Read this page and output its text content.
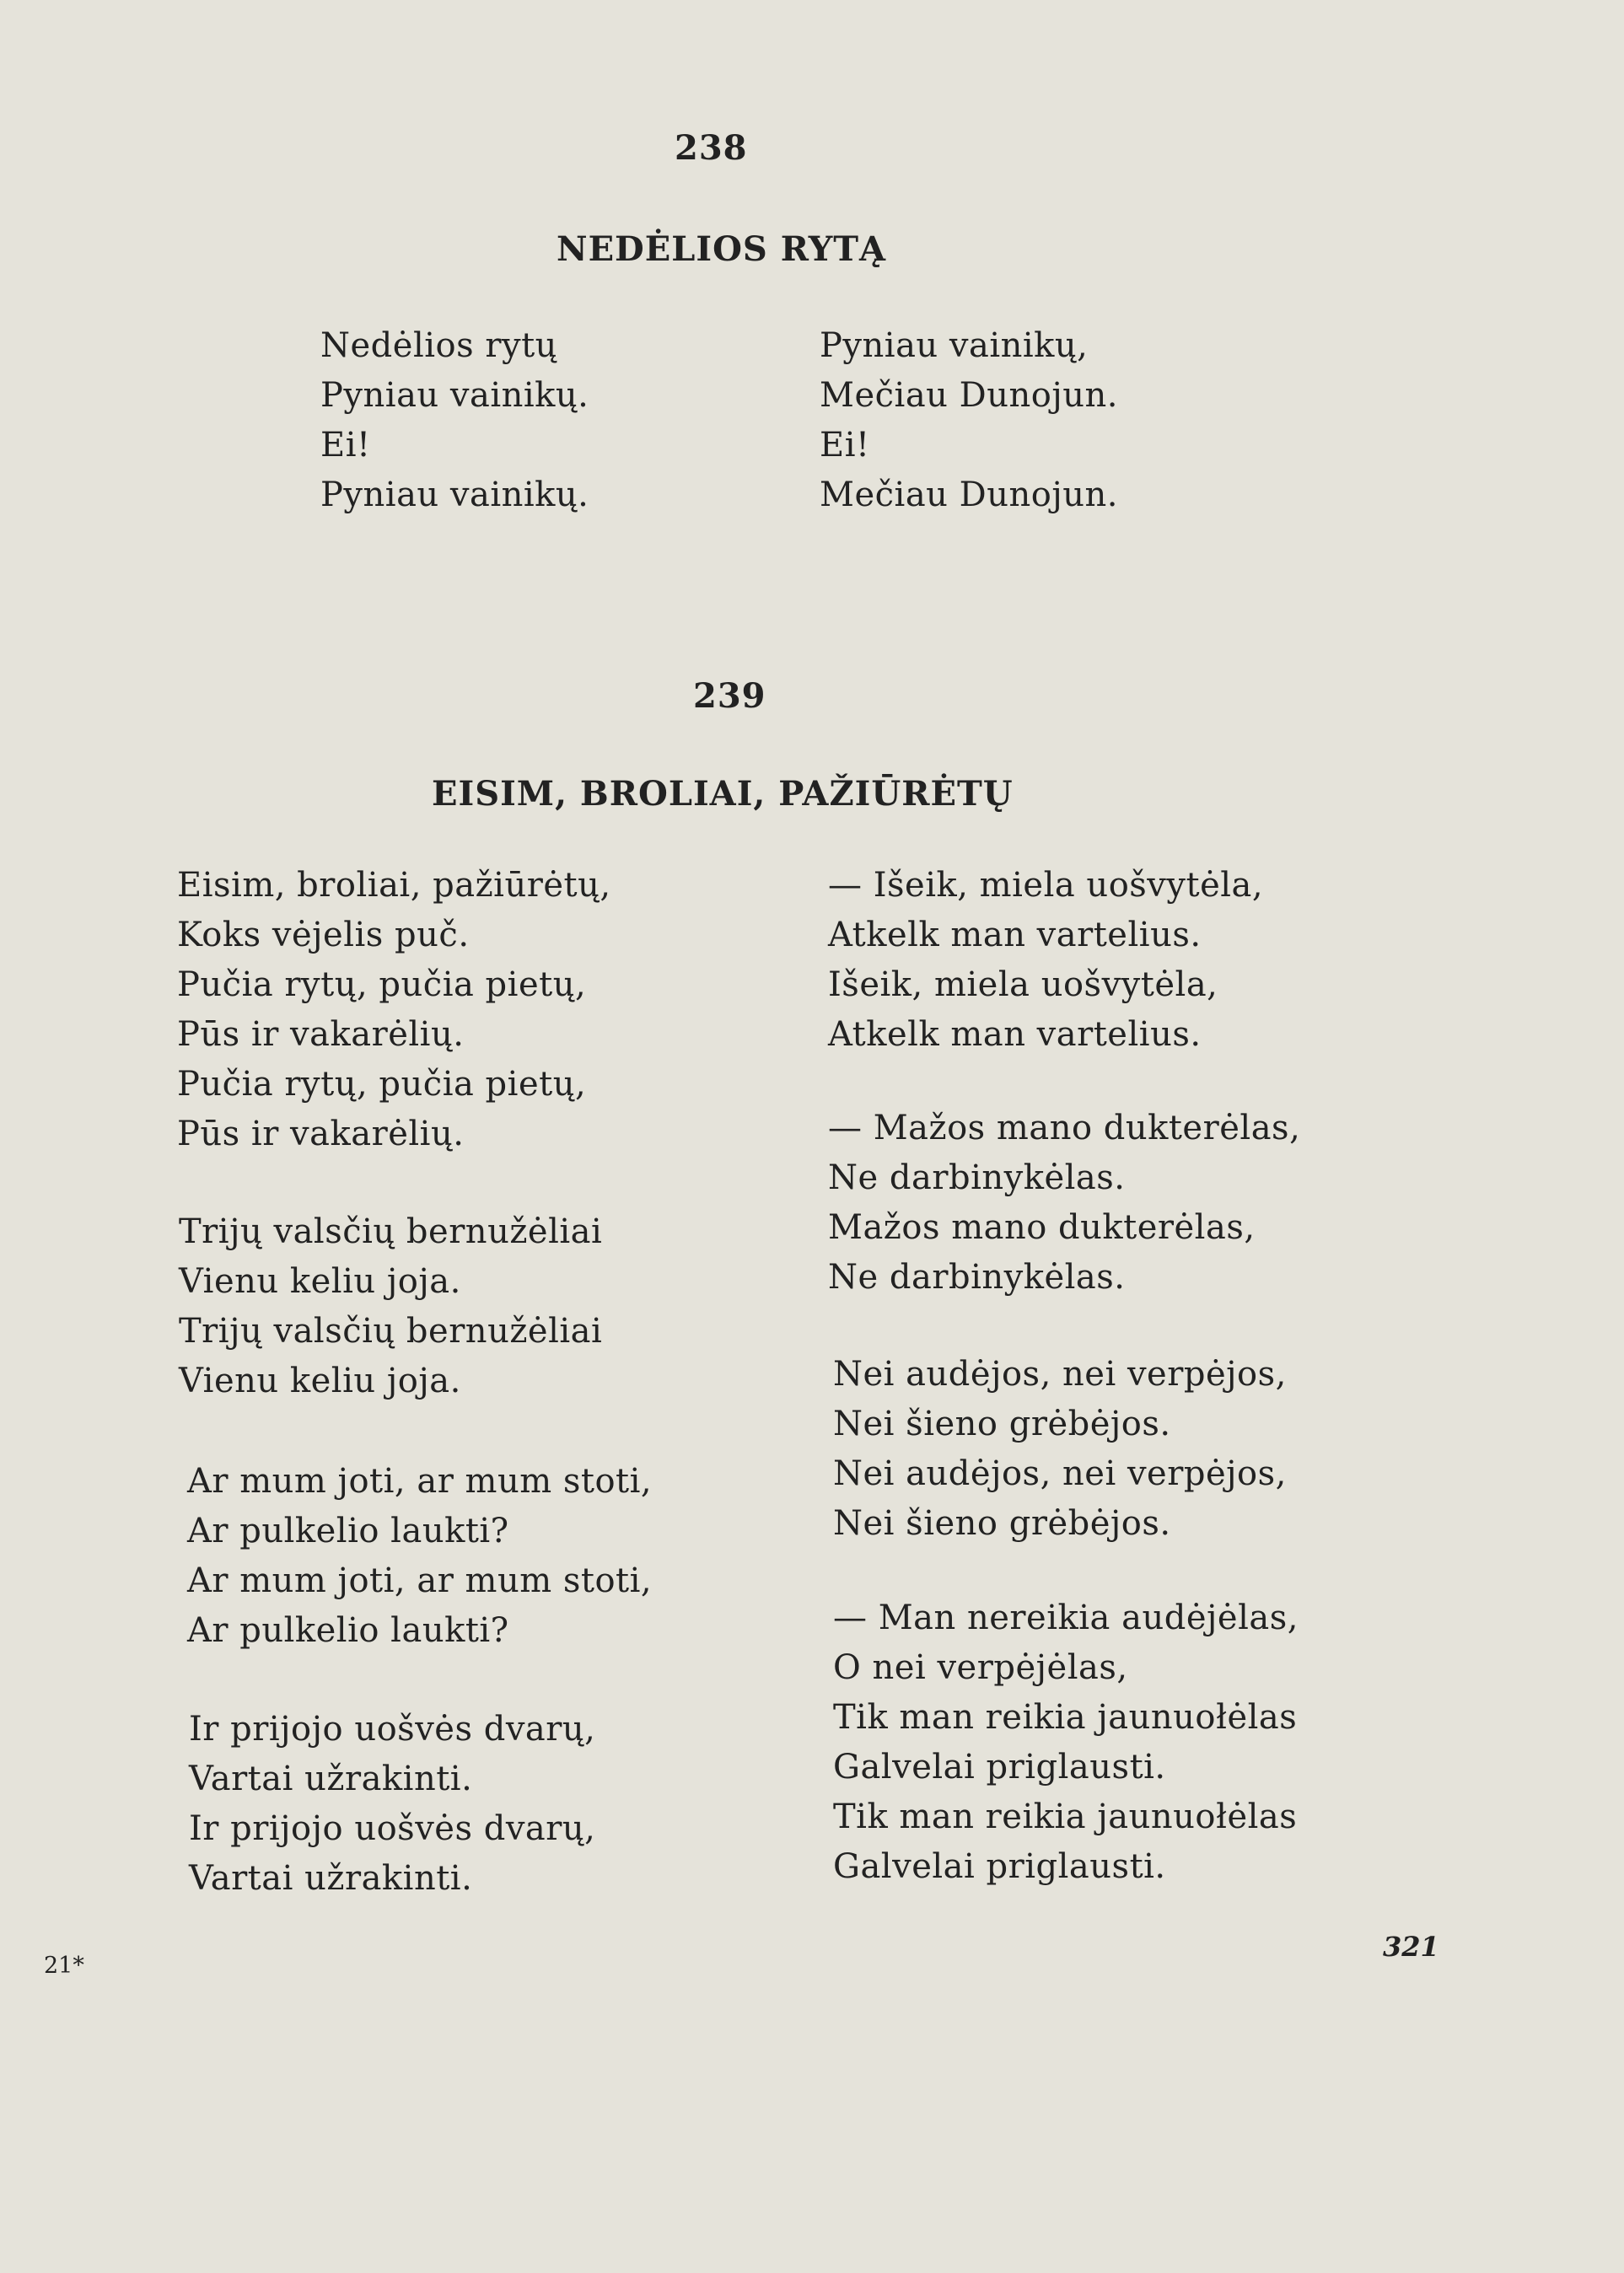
238
NEDĖLIOS RYTĄ
Nedėlios rytų
Pyniau vainikų.
Ei!
Pyniau vainikų.
Pyniau vainikų,
Mečiau Dunojun.
Ei!
Mečiau Dunojun.
239
EISIM, BROLIAI, PAŽIŪRĖTŲ
Eisim, broliai, pažiūrėtų,
Koks vėjelis puč.
Pučia rytų, pučia pietų,
Pūs ir vakarėlių.
Pučia rytų, pučia pietų,
Pūs ir vakarėlių.
Trijų valsčių bernužėliai
Vienu keliu joja.
Trijų valsčių bernužėliai
Vienu keliu joja.
Ar mum joti, ar mum stoti,
Ar pulkelio laukti?
Ar mum joti, ar mum stoti,
Ar pulkelio laukti?
Ir prijojo uošvės dvarų,
Vartai užrakinti.
Ir prijojo uošvės dvarų,
Vartai užrakinti.
— Išeik, miela uošvytėla,
Atkelk man vartelius.
Išeik, miela uošvytėla,
Atkelk man vartelius.
— Mažos mano dukterėlas,
Ne darbinykėlas.
Mažos mano dukterėlas,
Ne darbinykėlas.
Nei audėjos, nei verpėjos,
Nei šieno grėbėjos.
Nei audėjos, nei verpėjos,
Nei šieno grėbėjos.
— Man nereikia audėjėlas,
O nei verpėjėlas,
Tik man reikia jaunuołėlas
Galvelai priglausti.
Tik man reikia jaunuołėlas
Galvelai priglausti.
21*
321
